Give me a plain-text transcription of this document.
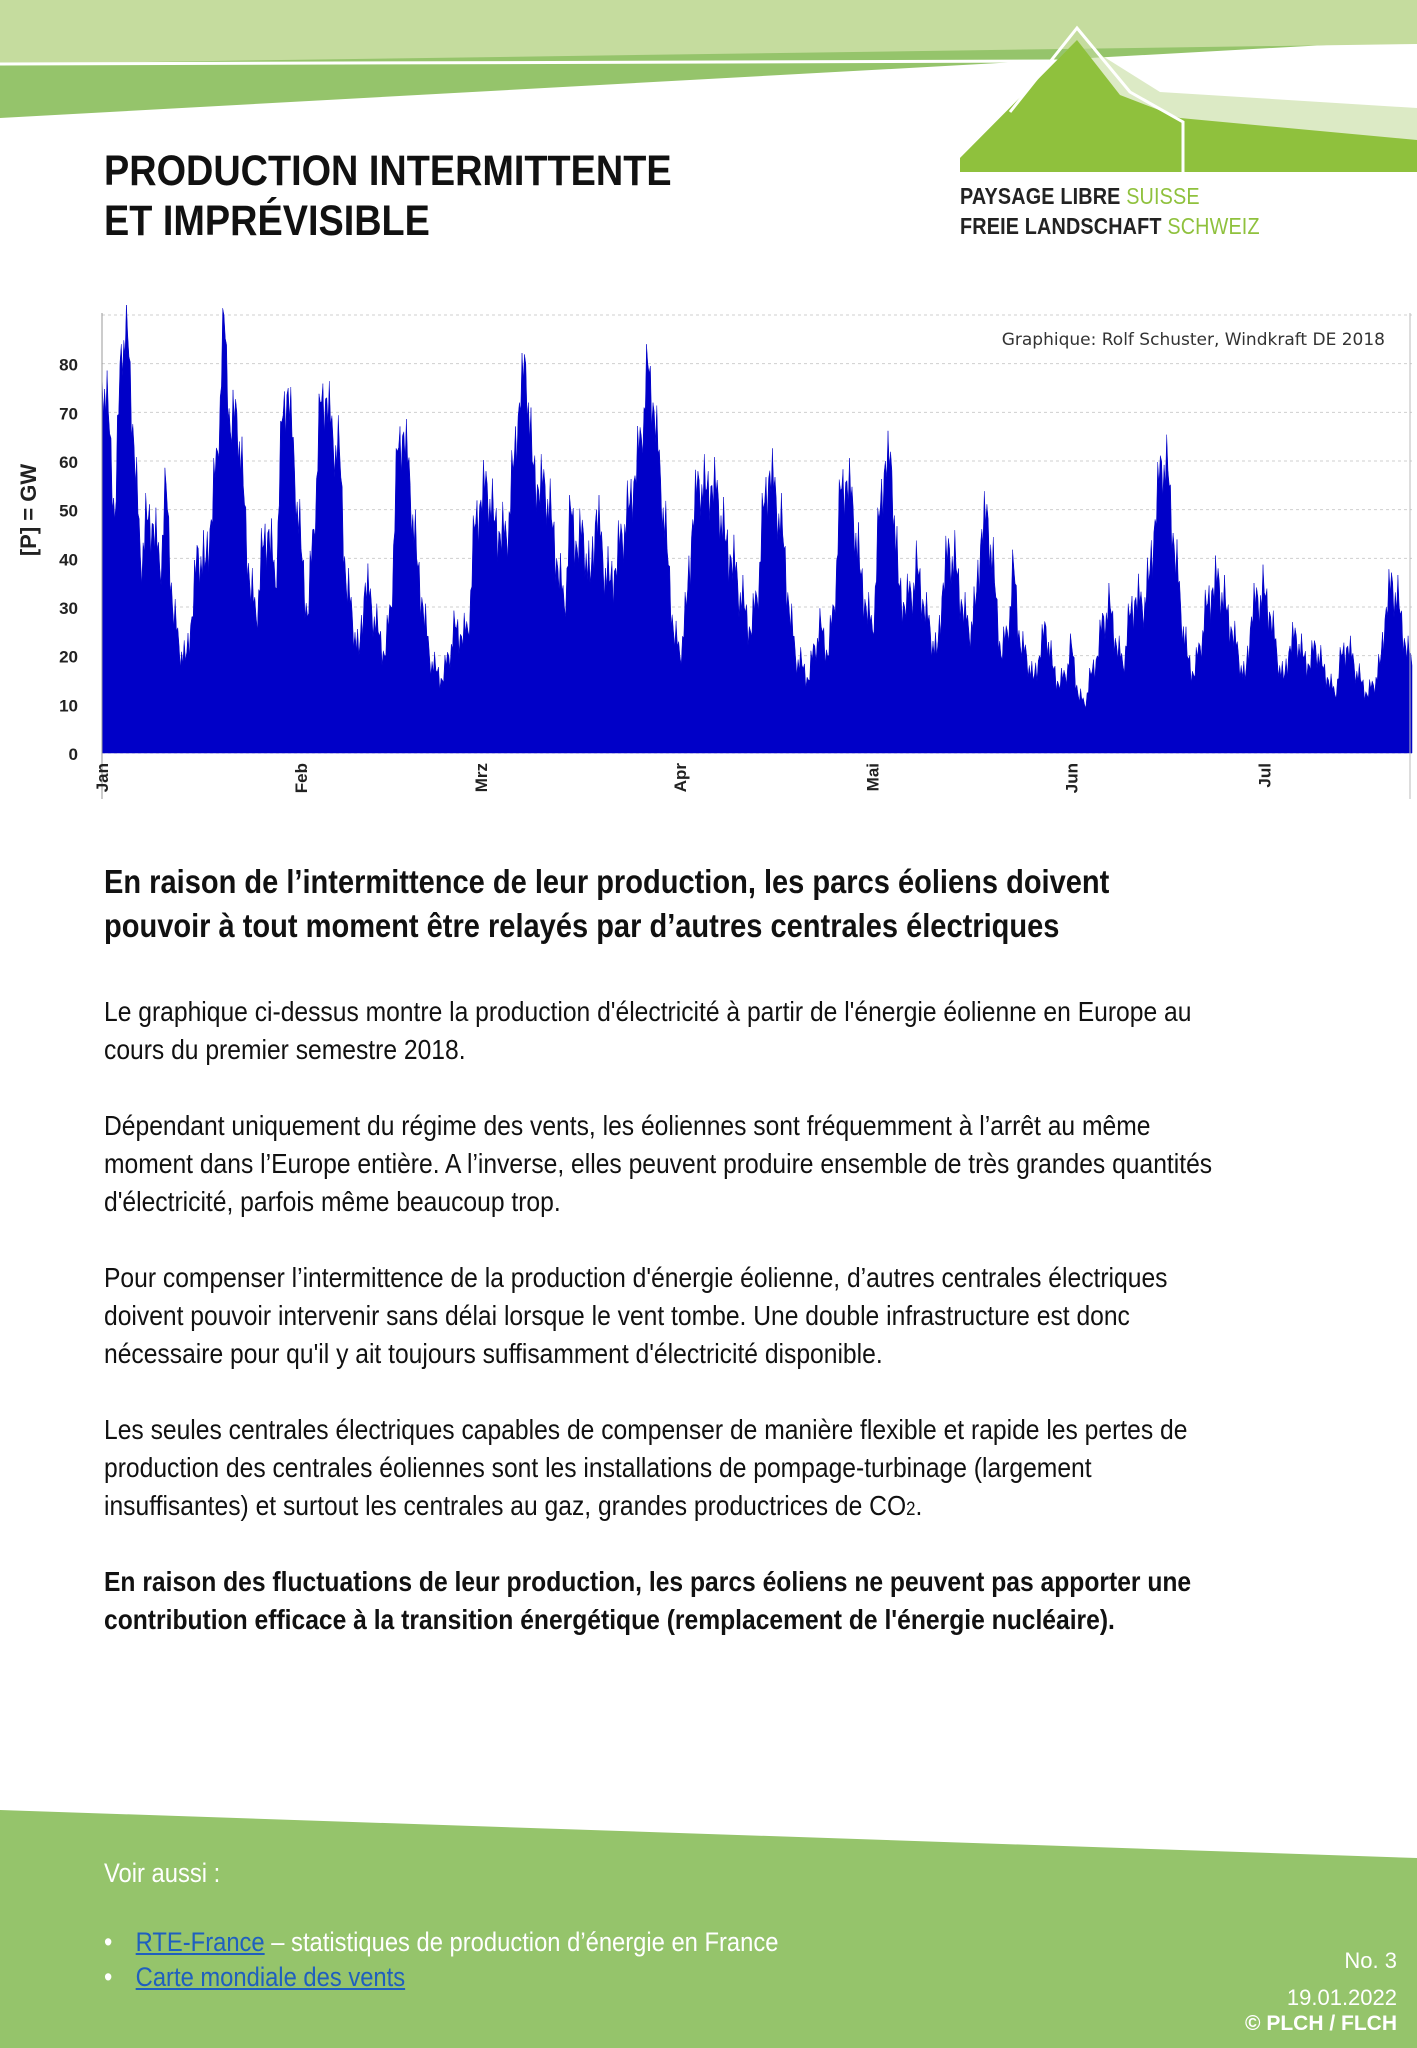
PAYSAGE LIBRE SUISSE
FREIE LANDSCHAFT SCHWEIZ
PRODUCTION INTERMITTENTE
ET IMPRÉVISIBLE
0
10
20
30
40
50
60
70
80
Jan	Feb	Mrz	Apr	Mai	Jun	Jul
[P] = GW
Graphique: Rolf Schuster, Windkraft DE 2018
En raison de l’intermittence de leur production, les parcs éoliens doivent pouvoir à tout moment être relayés par d’autres centrales électriques
Le graphique ci-dessus montre la production d'électricité à partir de l'énergie éolienne en Europe au cours du premier semestre 2018.
Dépendant uniquement du régime des vents, les éoliennes sont fréquemment à l’arrêt au même moment dans l’Europe entière. A l’inverse, elles peuvent produire ensemble de très grandes quantités d'électricité, parfois même beaucoup trop.
Pour compenser l’intermittence de la production d'énergie éolienne, d’autres centrales électriques doivent pouvoir intervenir sans délai lorsque le vent tombe. Une double infrastructure est donc nécessaire pour qu'il y ait toujours suffisamment d'électricité disponible.
Les seules centrales électriques capables de compenser de manière flexible et rapide les pertes de production des centrales éoliennes sont les installations de pompage-turbinage (largement insuffisantes) et surtout les centrales au gaz, grandes productrices de CO2.
En raison des fluctuations de leur production, les parcs éoliens ne peuvent pas apporter une contribution efficace à la transition énergétique (remplacement de l'énergie nucléaire).
Voir aussi :
• RTE-France – statistiques de production d’énergie en France
• Carte mondiale des vents
No. 3
19.01.2022
© PLCH / FLCH
